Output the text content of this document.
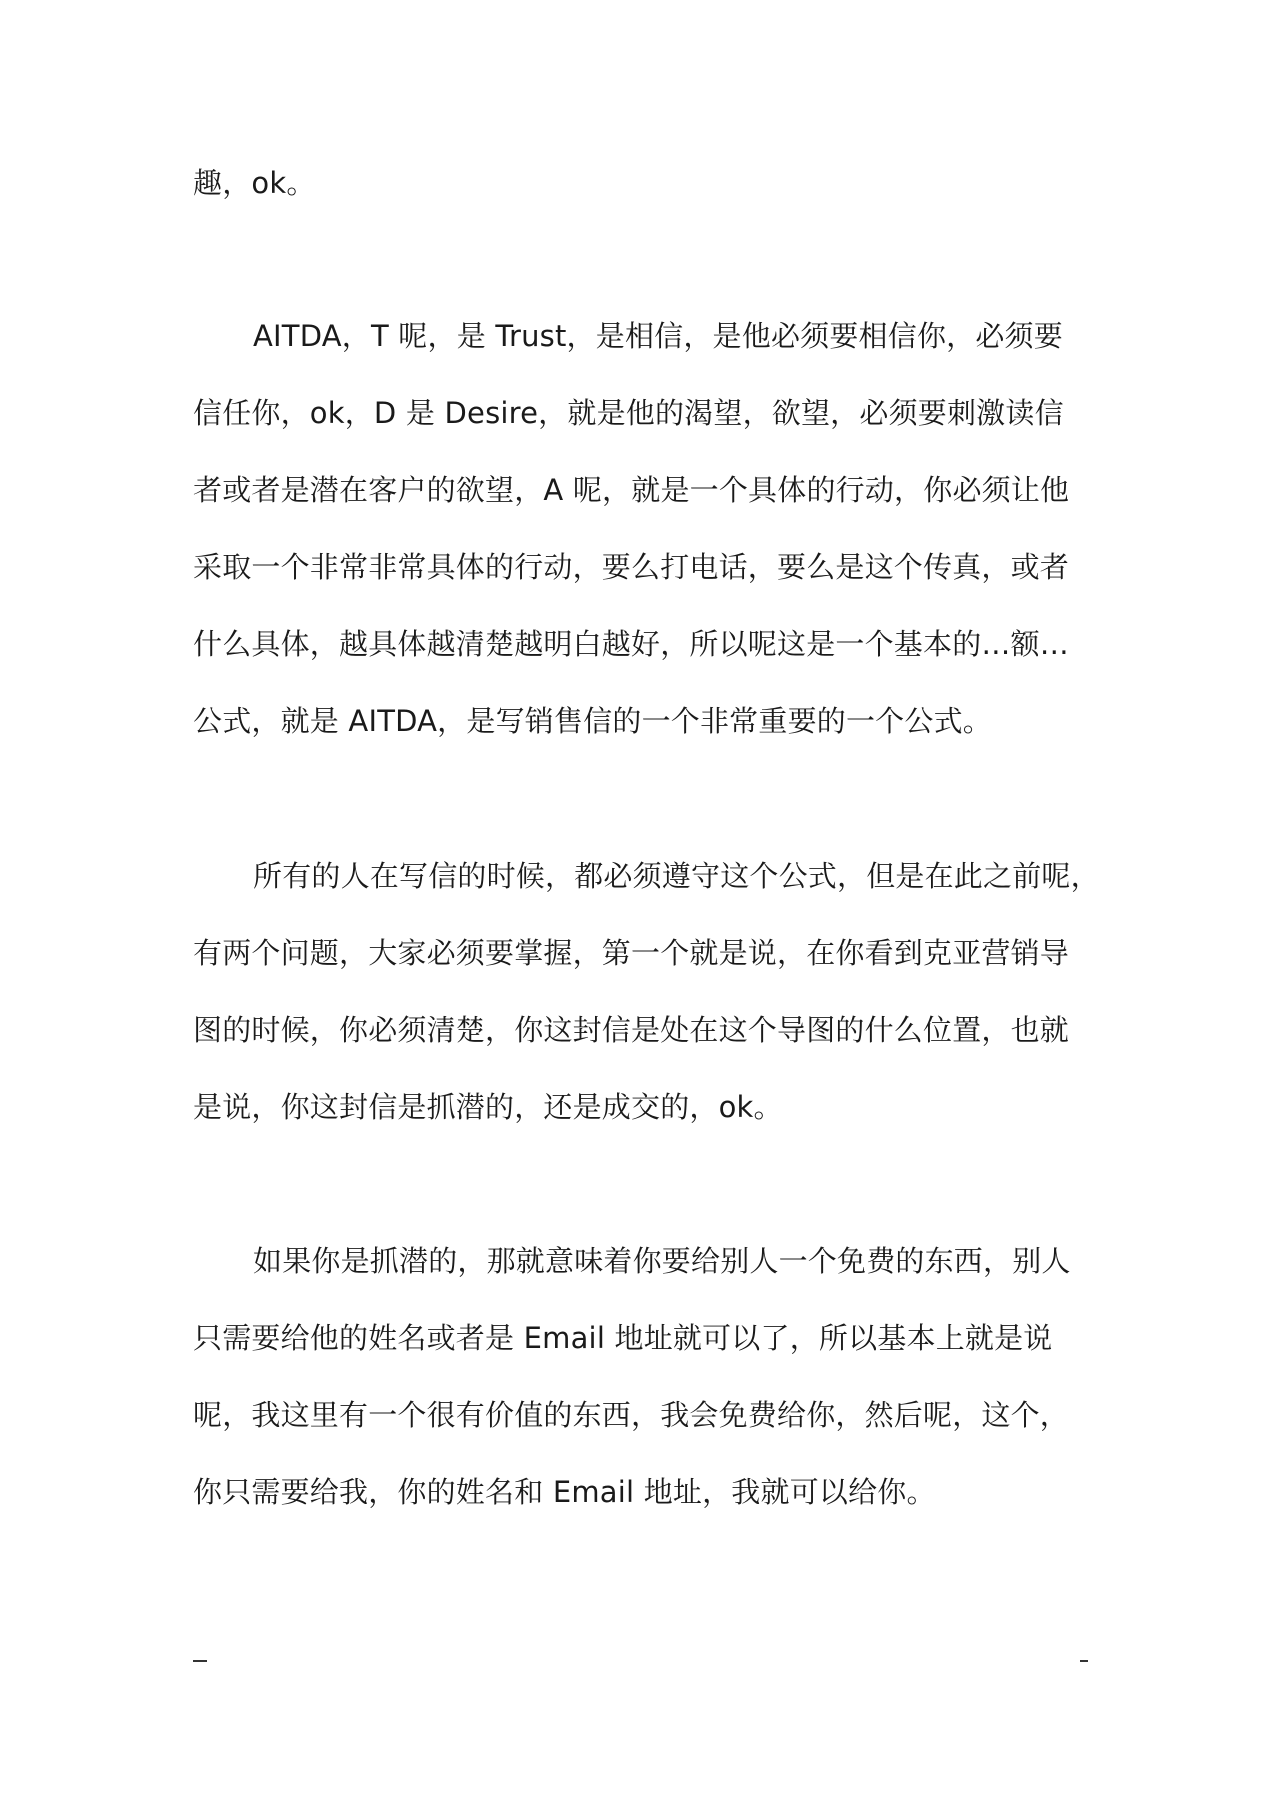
趣，ok。
AITDA，T 呢，是 Trust，是相信，是他必须要相信你，必须要
信任你，ok，D 是 Desire，就是他的渴望，欲望，必须要刺激读信
者或者是潜在客户的欲望，A 呢，就是一个具体的行动，你必须让他
采取一个非常非常具体的行动，要么打电话，要么是这个传真，或者
什么具体，越具体越清楚越明白越好，所以呢这是一个基本的…额…
公式，就是 AITDA，是写销售信的一个非常重要的一个公式。
所有的人在写信的时候，都必须遵守这个公式，但是在此之前呢，
有两个问题，大家必须要掌握，第一个就是说，在你看到克亚营销导
图的时候，你必须清楚，你这封信是处在这个导图的什么位置，也就
是说，你这封信是抓潜的，还是成交的，ok。
如果你是抓潜的，那就意味着你要给别人一个免费的东西，别人
只需要给他的姓名或者是 Email 地址就可以了，所以基本上就是说
呢，我这里有一个很有价值的东西，我会免费给你，然后呢，这个，
你只需要给我，你的姓名和 Email 地址，我就可以给你。
